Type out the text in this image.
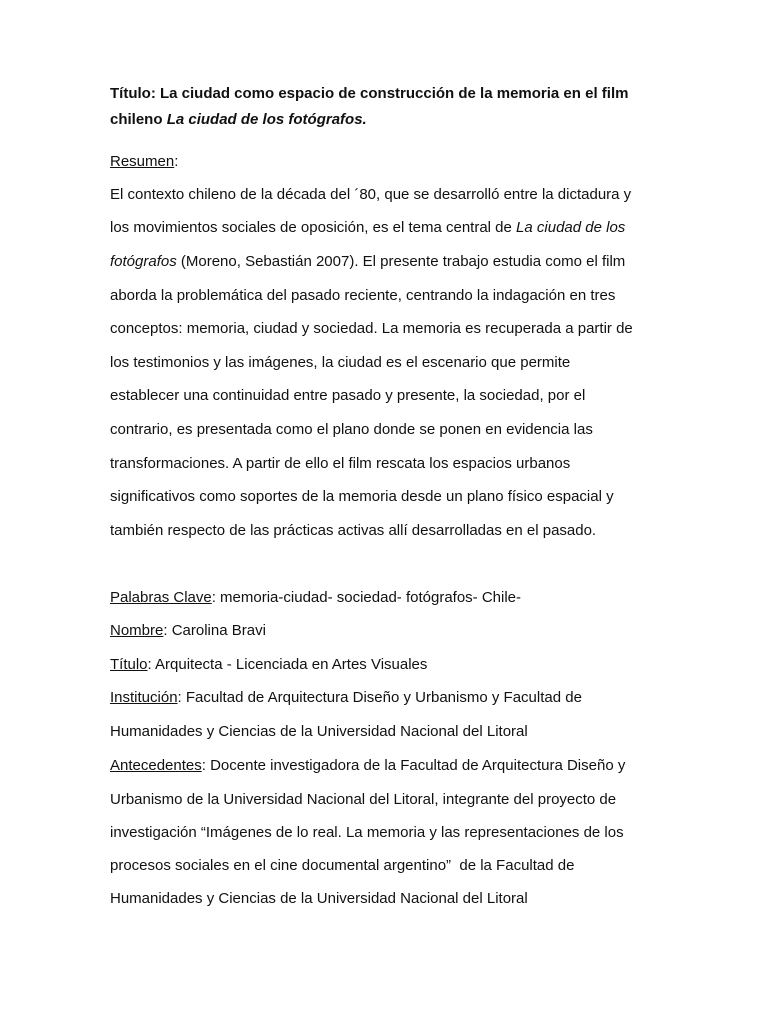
Título: La ciudad como espacio de construcción de la memoria en el film
chileno La ciudad de los fotógrafos.
Resumen:
El contexto chileno de la década del ´80, que se desarrolló entre la dictadura y
los movimientos sociales de oposición, es el tema central de La ciudad de los
fotógrafos (Moreno, Sebastián 2007). El presente trabajo estudia como el film
aborda la problemática del pasado reciente, centrando la indagación en tres
conceptos: memoria, ciudad y sociedad. La memoria es recuperada a partir de
los testimonios y las imágenes, la ciudad es el escenario que permite
establecer una continuidad entre pasado y presente, la sociedad, por el
contrario, es presentada como el plano donde se ponen en evidencia las
transformaciones. A partir de ello el film rescata los espacios urbanos
significativos como soportes de la memoria desde un plano físico espacial y
también respecto de las prácticas activas allí desarrolladas en el pasado.
Palabras Clave: memoria-ciudad- sociedad- fotógrafos- Chile-
Nombre: Carolina Bravi
Título: Arquitecta - Licenciada en Artes Visuales
Institución: Facultad de Arquitectura Diseño y Urbanismo y Facultad de
Humanidades y Ciencias de la Universidad Nacional del Litoral
Antecedentes: Docente investigadora de la Facultad de Arquitectura Diseño y
Urbanismo de la Universidad Nacional del Litoral, integrante del proyecto de
investigación “Imágenes de lo real. La memoria y las representaciones de los
procesos sociales en el cine documental argentino”  de la Facultad de
Humanidades y Ciencias de la Universidad Nacional del Litoral
